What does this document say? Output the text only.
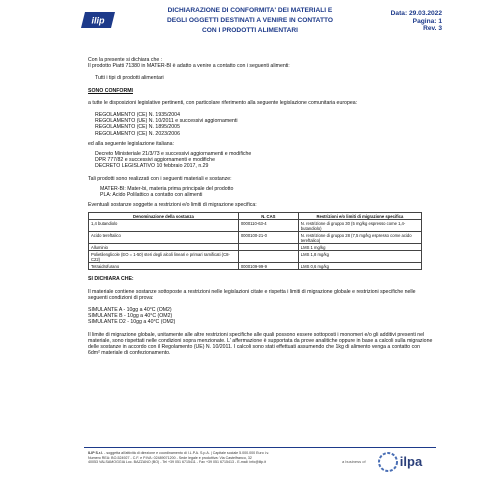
ilip
DICHIARAZIONE DI CONFORMITA' DEI MATERIALI E
DEGLI OGGETTI DESTINATI A VENIRE IN CONTATTO
CON I PRODOTTI ALIMENTARI
Data: 29.03.2022
Pagina: 1
Rev. 3

Con la presente si dichiara che :

Il prodotto Piatti 71380 in MATER-BI è adatto a venire a contatto con i seguenti alimenti:

Tutti i tipi di prodotti alimentari

SONO CONFORMI

a tutte le disposizioni legislative pertinenti, con particolare riferimento alla seguente legislazione comunitaria europea:

REGOLAMENTO (CE) N. 1935/2004
REGOLAMENTO (UE) N. 10/2011 e successivi aggiornamenti
REGOLAMENTO (CE) N. 1895/2005
REGOLAMENTO (CE) N. 2023/2006

ed alla seguente legislazione italiana:

Decreto Ministeriale 21/3/73 e successivi aggiornamenti e modifiche
DPR 777/82 e successivi aggiornamenti e modifiche
DECRETO LEGISLATIVO 10 febbraio 2017, n.29

Tali prodotti sono realizzati con i seguenti materiali e sostanze:

MATER-BI: Mater-bi, materia prima principale del prodotto
PLA: Acido Polilattico a contatto con alimenti

Eventuali sostanze soggette a restrizioni e/o limiti di migrazione specifica:

Denominazione della sostanza	N. CAS	Restrizioni e/o limiti di migrazione specifica
1,4 butandiolo	0000110-63-4	N. restrizione di gruppo 30 (5 mg/kg espresso come 1,4-butandiolo)
Acido tereftalico	0000100-21-0	N. restrizione di gruppo 28 (7,5 mg/kg espresso come acido tereftalico)
Alluminio		LMS 1 mg/kg
Polietilenglicole (EO = 1-50) steri degli alcoli lineari e primari ramificati (C8-C22)		LMS 1,8 mg/kg
Tetraidrofurano	0000109-99-9	LMS 0,6 mg/kg

SI DICHIARA CHE:

Il materiale contiene sostanze sottoposte a restrizioni nelle legislazioni citate e rispetta i limiti di migrazione globale e restrizioni specifiche nelle seguenti condizioni di prova:

SIMULANTE A - 10gg a 40°C (OM2)
SIMULANTE B - 10gg a 40°C (OM2)
SIMULANTE D2 - 10gg a 40°C (OM2)

Il limite di migrazione globale, unitamente alle altre restrizioni specifiche alle quali possono essere sottoposti i monomeri e/o gli additivi presenti nel materiale, sono rispettati nelle condizioni sopra menzionate. L' affermazione è supportata da prove analitiche oppure in base a calcoli sulla migrazione delle sostanze in accordo con il Regolamento (UE) N. 10/2011. I calcoli sono stati effettuati assumendo che 1kg di alimento venga a contatto con 6dm² materiale di confezionamento.

ILIP S.r.l. - soggetta all'attività di direzione e coordinamento di I.L.P.A. S.p.A. | Capitale sociale 5.000.000 Euro i.v.
Numero REA: BO-524927 - C.F. e P.IVA: 02489071200 - Sede legale e produttiva: Via Castelfranco, 32
40053 VALSAMOGGIA Loc. BAZZANO (BO) - Tel +39 051 6715411 - Fax +39 051 6715413 - E-mail: info@ilip.it	a business of	ilpa
